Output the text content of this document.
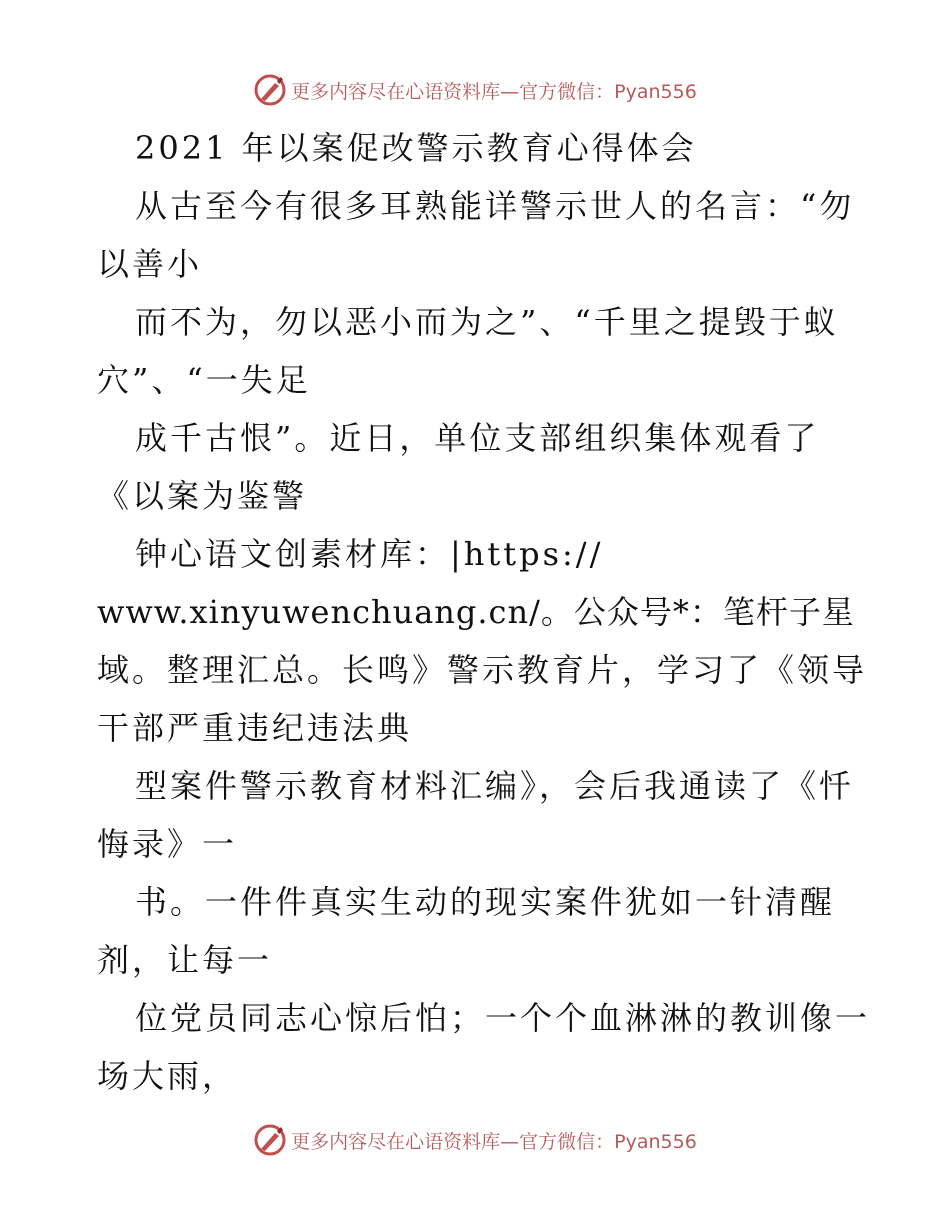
更多内容尽在心语资料库— 官方微信：Pyan556
2021 年以案促改警示教育心得体会
从古至今有很多耳熟能详警示世人的名言：“勿
以善小
而不为，勿以恶小而为之”、“千里之提毁于蚁
穴”、“一失足
成千古恨”。近日，单位支部组织集体观看了
《以案为鉴警
钟心语文创素材库：|https://
www.xinyuwenchuang.cn/。公众号*：笔杆子星
域。整理汇总。长鸣》警示教育片，学习了《领导
干部严重违纪违法典
型案件警示教育材料汇编》，会后我通读了《忏
悔录》一
书。一件件真实生动的现实案件犹如一针清醒
剂，让每一
位党员同志心惊后怕；一个个血淋淋的教训像一
场大雨，
更多内容尽在心语资料库— 官方微信：Pyan556
